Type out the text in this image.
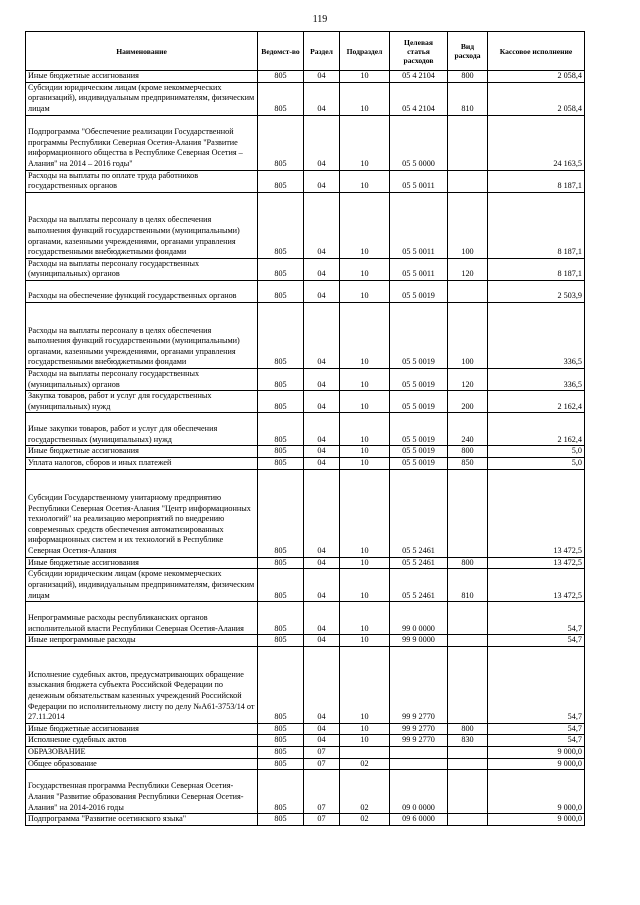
119
Наименование	Ведомст-во	Раздел	Подраздел	Целевая статья расходов	Вид расхода	Кассовое исполнение
Иные бюджетные ассигнования	805	04	10	05 4 2104	800	2 058,4
Субсидии юридическим лицам (кроме некоммерческих организаций), индивидуальным предпринимателям, физическим лицам	805	04	10	05 4 2104	810	2 058,4
Подпрограмма "Обеспечение реализации Государственной программы Республики Северная Осетия-Алания "Развитие информационного общества в Республике Северная Осетия – Алания" на 2014 – 2016 годы"	805	04	10	05 5 0000		24 163,5
Расходы на выплаты по оплате труда работников государственных органов	805	04	10	05 5 0011		8 187,1
Расходы на выплаты персоналу в целях обеспечения выполнения функций государственными (муниципальными) органами, казенными учреждениями, органами управления государственными внебюджетными фондами	805	04	10	05 5 0011	100	8 187,1
Расходы на выплаты персоналу государственных (муниципальных) органов	805	04	10	05 5 0011	120	8 187,1
Расходы на обеспечение функций государственных органов	805	04	10	05 5 0019		2 503,9
Расходы на выплаты персоналу в целях обеспечения выполнения функций государственными (муниципальными) органами, казенными учреждениями, органами управления государственными внебюджетными фондами	805	04	10	05 5 0019	100	336,5
Расходы на выплаты персоналу государственных (муниципальных) органов	805	04	10	05 5 0019	120	336,5
Закупка товаров, работ и услуг для государственных (муниципальных) нужд	805	04	10	05 5 0019	200	2 162,4
Иные закупки товаров, работ и услуг для обеспечения государственных (муниципальных) нужд	805	04	10	05 5 0019	240	2 162,4
Иные бюджетные ассигнования	805	04	10	05 5 0019	800	5,0
Уплата налогов, сборов и иных платежей	805	04	10	05 5 0019	850	5,0
Субсидии Государственному унитарному предприятию Республики Северная Осетия-Алания "Центр информационных технологий" на реализацию мероприятий по внедрению современных средств обеспечения автоматизированных информационных систем и их технологий в Республике Северная Осетия-Алания	805	04	10	05 5 2461		13 472,5
Иные бюджетные ассигнования	805	04	10	05 5 2461	800	13 472,5
Субсидии юридическим лицам (кроме некоммерческих организаций), индивидуальным предпринимателям, физическим лицам	805	04	10	05 5 2461	810	13 472,5
Непрограммные расходы республиканских органов исполнительной власти Республики Северная Осетия-Алания	805	04	10	99 0 0000		54,7
Иные непрограммные расходы	805	04	10	99 9 0000		54,7
Исполнение судебных актов, предусматривающих обращение взыскания бюджета субъекта Российской Федерации по денежным обязательствам казенных учреждений Российской Федерации по исполнительному листу по делу №А61-3753/14 от 27.11.2014	805	04	10	99 9 2770		54,7
Иные бюджетные ассигнования	805	04	10	99 9 2770	800	54,7
Исполнение судебных актов	805	04	10	99 9 2770	830	54,7
ОБРАЗОВАНИЕ	805	07				9 000,0
Общее образование	805	07	02			9 000,0
Государственная программа Республики Северная Осетия-Алания "Развитие образования Республики Северная Осетия-Алания" на 2014-2016 годы	805	07	02	09 0 0000		9 000,0
Подпрограмма "Развитие осетинского языка"	805	07	02	09 6 0000		9 000,0
